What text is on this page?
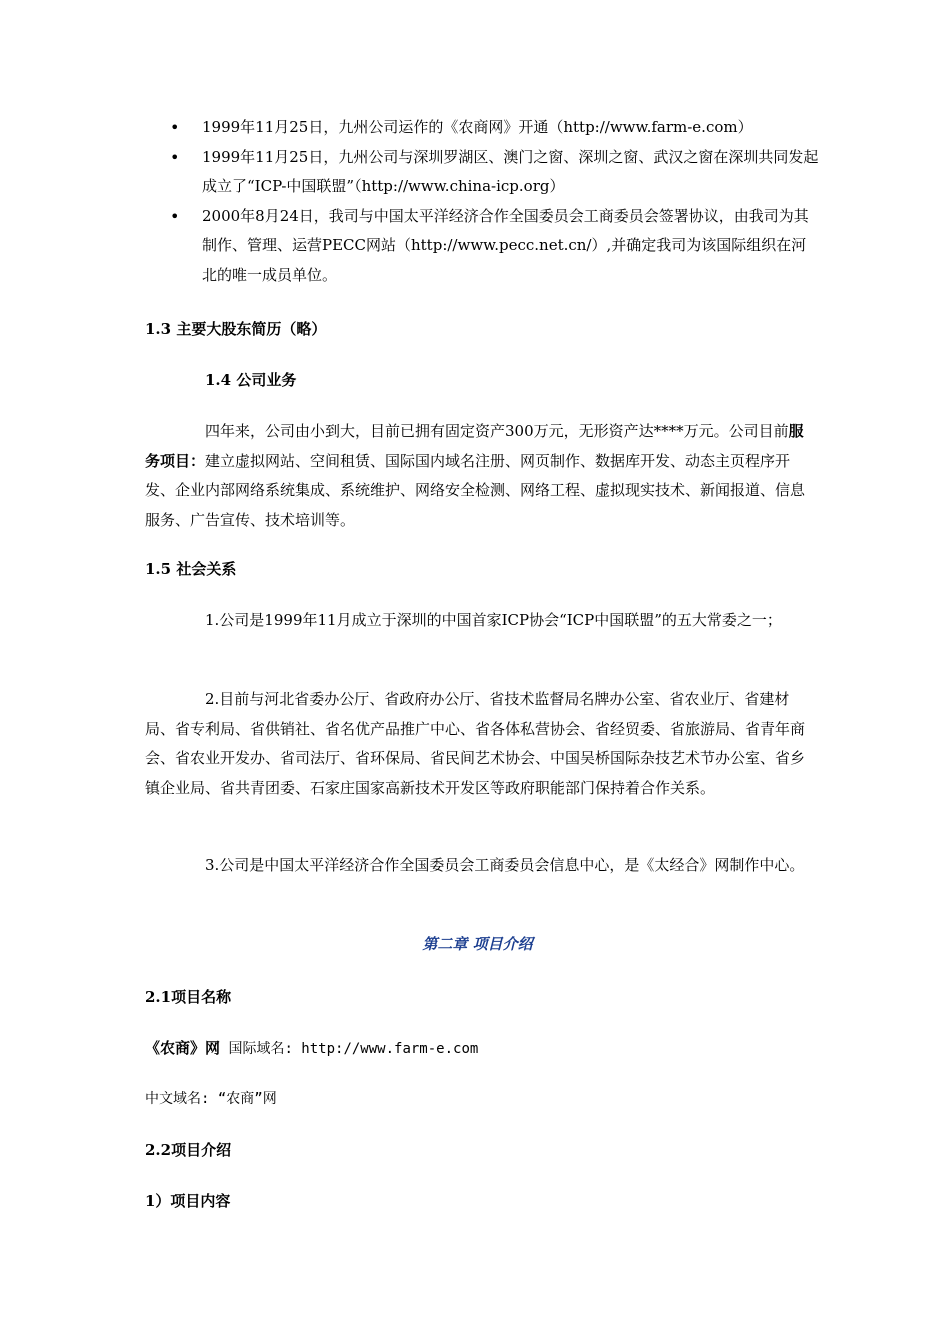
• 1999年11月25日，九州公司运作的《农商网》开通（http://www.farm-e.com）
• 1999年11月25日，九州公司与深圳罗湖区、澳门之窗、深圳之窗、武汉之窗在深圳共同发起成立了“ICP-中国联盟”（http://www.china-icp.org）
• 2000年8月24日，我司与中国太平洋经济合作全国委员会工商委员会签署协议，由我司为其制作、管理、运营PECC网站（http://www.pecc.net.cn/）,并确定我司为该国际组织在河北的唯一成员单位。
1.3 主要大股东简历（略）
1.4 公司业务
四年来，公司由小到大，目前已拥有固定资产300万元，无形资产达****万元。公司目前服务项目：建立虚拟网站、空间租赁、国际国内域名注册、网页制作、数据库开发、动态主页程序开发、企业内部网络系统集成、系统维护、网络安全检测、网络工程、虚拟现实技术、新闻报道、信息服务、广告宣传、技术培训等。
1.5 社会关系
1.公司是1999年11月成立于深圳的中国首家ICP协会“ICP中国联盟”的五大常委之一；
2.目前与河北省委办公厅、省政府办公厅、省技术监督局名牌办公室、省农业厅、省建材局、省专利局、省供销社、省名优产品推广中心、省各体私营协会、省经贸委、省旅游局、省青年商会、省农业开发办、省司法厅、省环保局、省民间艺术协会、中国吴桥国际杂技艺术节办公室、省乡镇企业局、省共青团委、石家庄国家高新技术开发区等政府职能部门保持着合作关系。
3.公司是中国太平洋经济合作全国委员会工商委员会信息中心，是《太经合》网制作中心。
第二章 项目介绍
2.1项目名称
《农商》网 国际域名: http://www.farm-e.com
中文域名: “农商”网
2.2项目介绍
1）项目内容
